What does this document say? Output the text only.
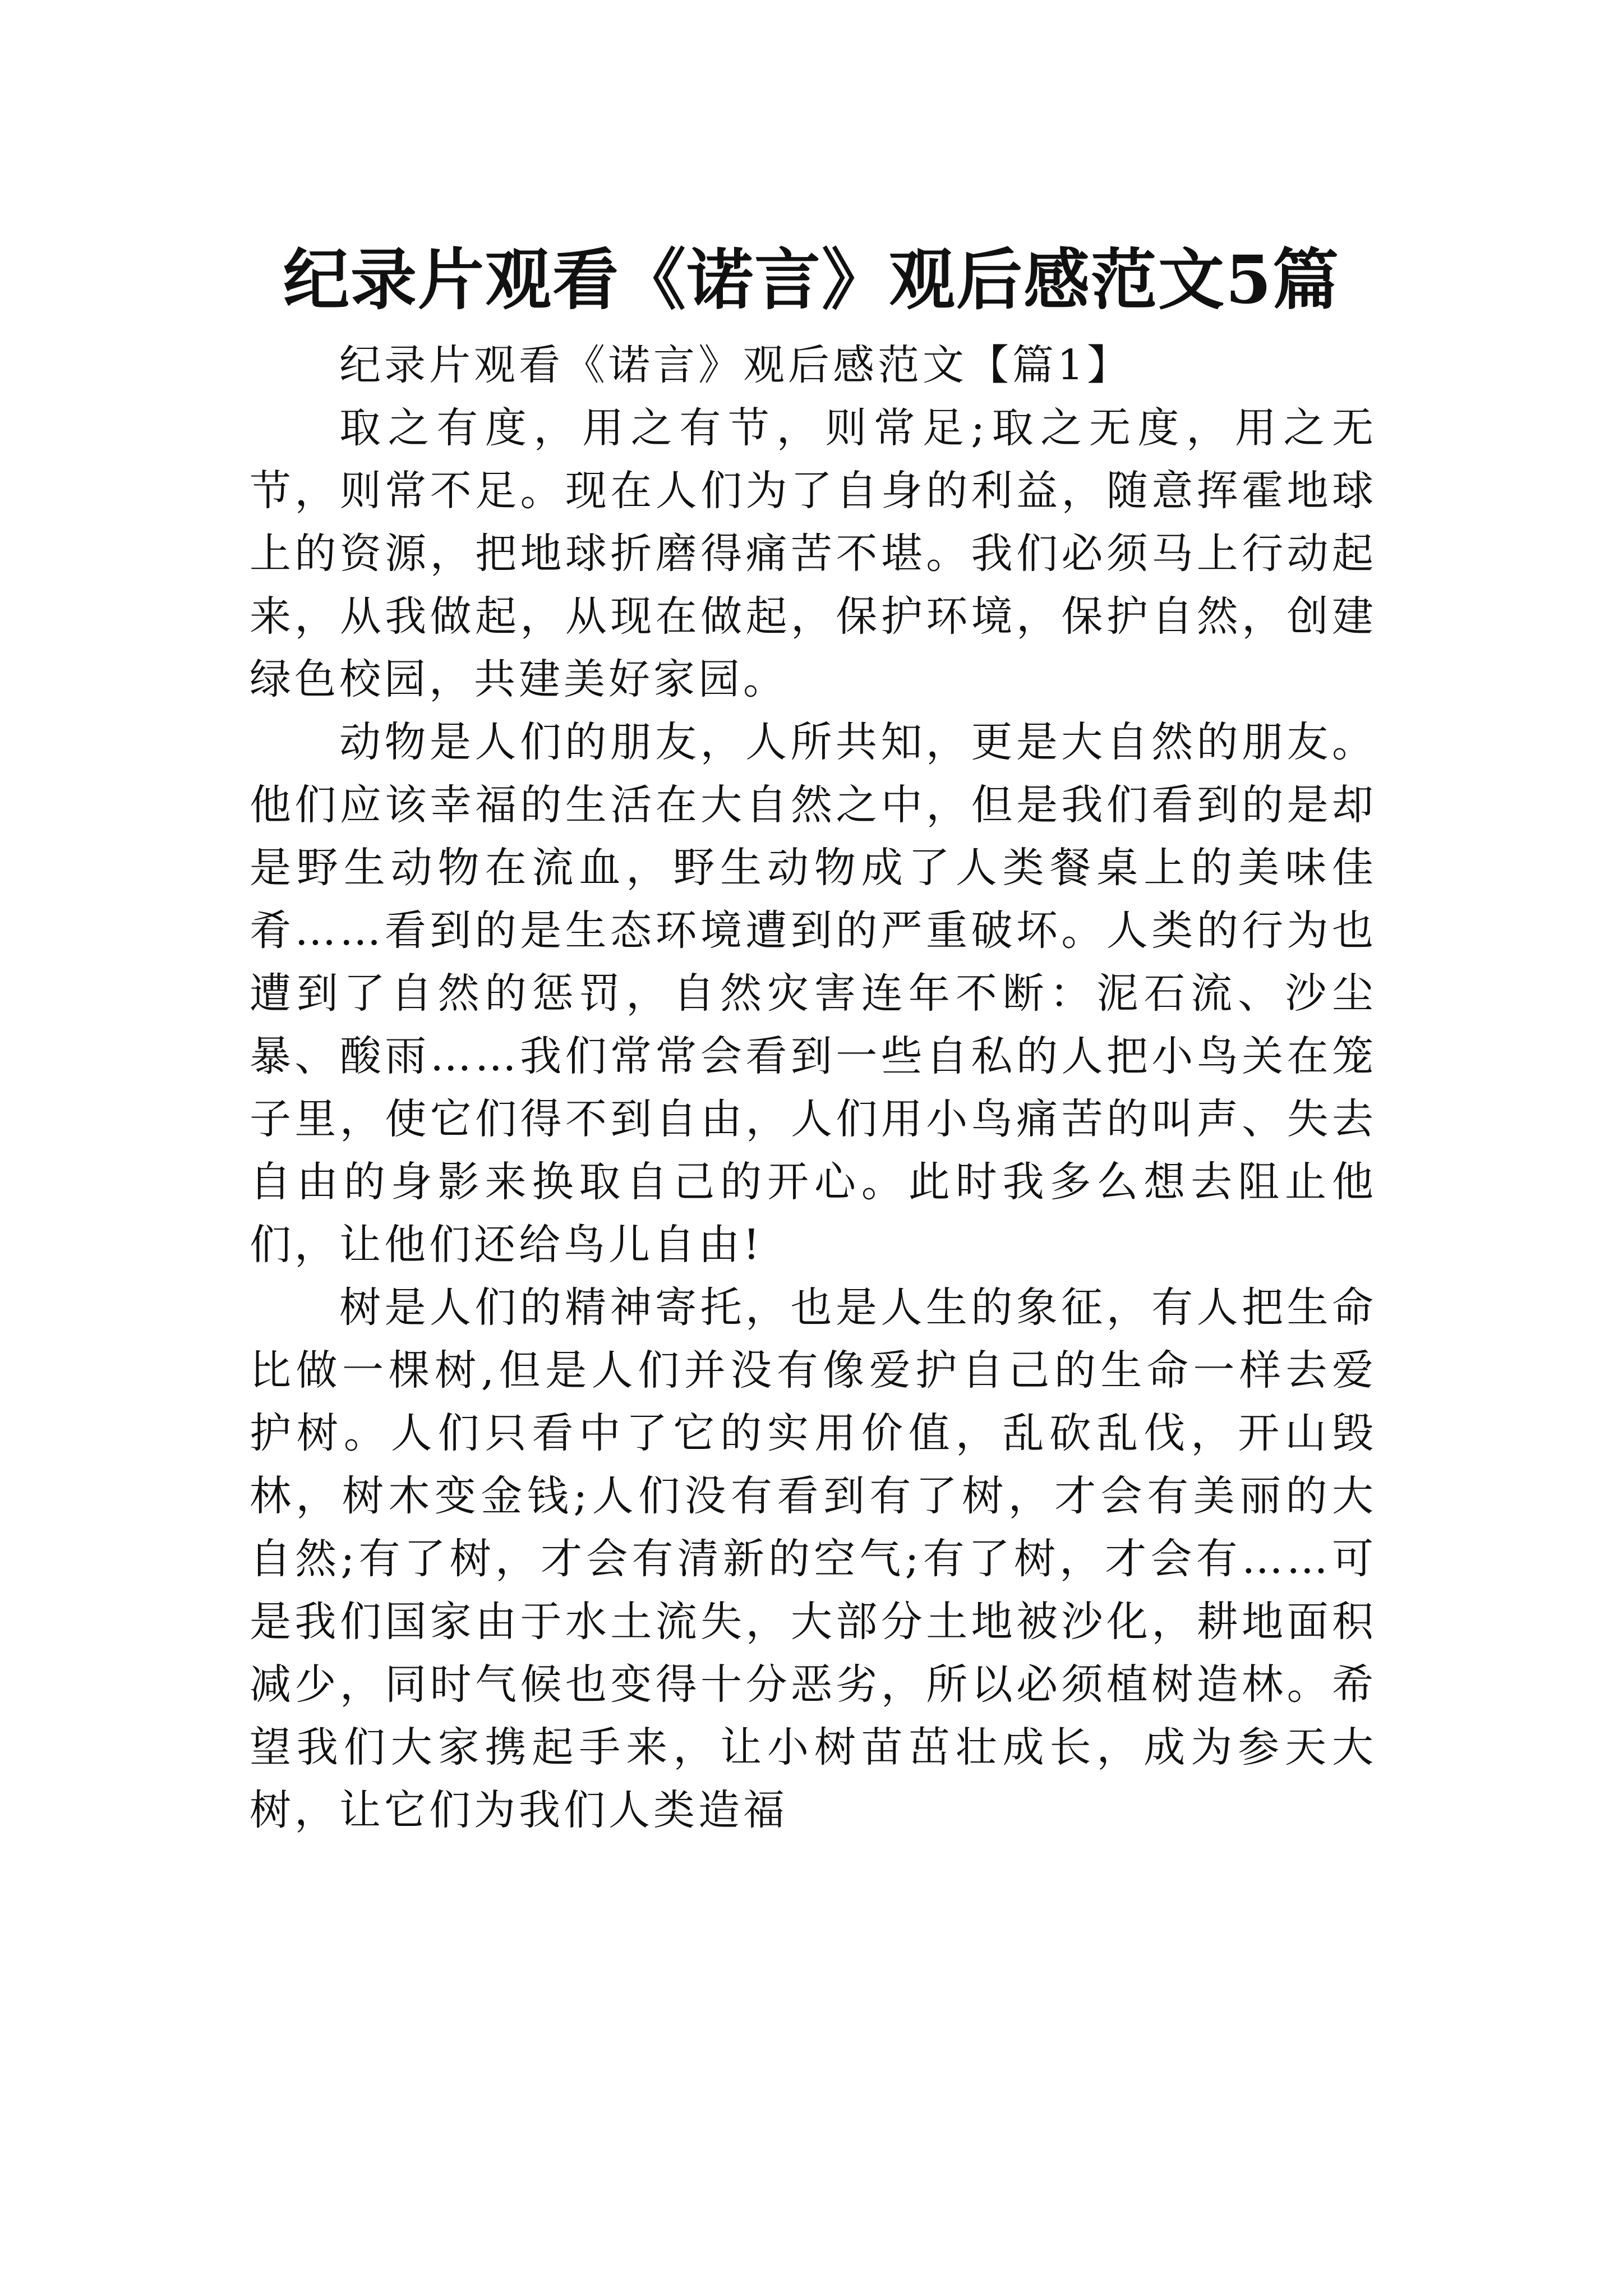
纪录片观看《诺言》观后感范文5篇

纪录片观看《诺言》观后感范文【篇1】

取之有度，用之有节，则常足;取之无度，用之无节，则常不足。现在人们为了自身的利益，随意挥霍地球上的资源，把地球折磨得痛苦不堪。我们必须马上行动起来，从我做起，从现在做起，保护环境，保护自然，创建绿色校园，共建美好家园。

动物是人们的朋友，人所共知，更是大自然的朋友。他们应该幸福的生活在大自然之中，但是我们看到的是却是野生动物在流血，野生动物成了人类餐桌上的美味佳肴……看到的是生态环境遭到的严重破坏。人类的行为也遭到了自然的惩罚，自然灾害连年不断：泥石流、沙尘暴、酸雨……我们常常会看到一些自私的人把小鸟关在笼子里，使它们得不到自由，人们用小鸟痛苦的叫声、失去自由的身影来换取自己的开心。此时我多么想去阻止他们，让他们还给鸟儿自由!

树是人们的精神寄托，也是人生的象征，有人把生命比做一棵树,但是人们并没有像爱护自己的生命一样去爱护树。人们只看中了它的实用价值，乱砍乱伐，开山毁林，树木变金钱;人们没有看到有了树，才会有美丽的大自然;有了树，才会有清新的空气;有了树，才会有……可是我们国家由于水土流失，大部分土地被沙化，耕地面积减少，同时气候也变得十分恶劣，所以必须植树造林。希望我们大家携起手来，让小树苗茁壮成长，成为参天大树，让它们为我们人类造福
